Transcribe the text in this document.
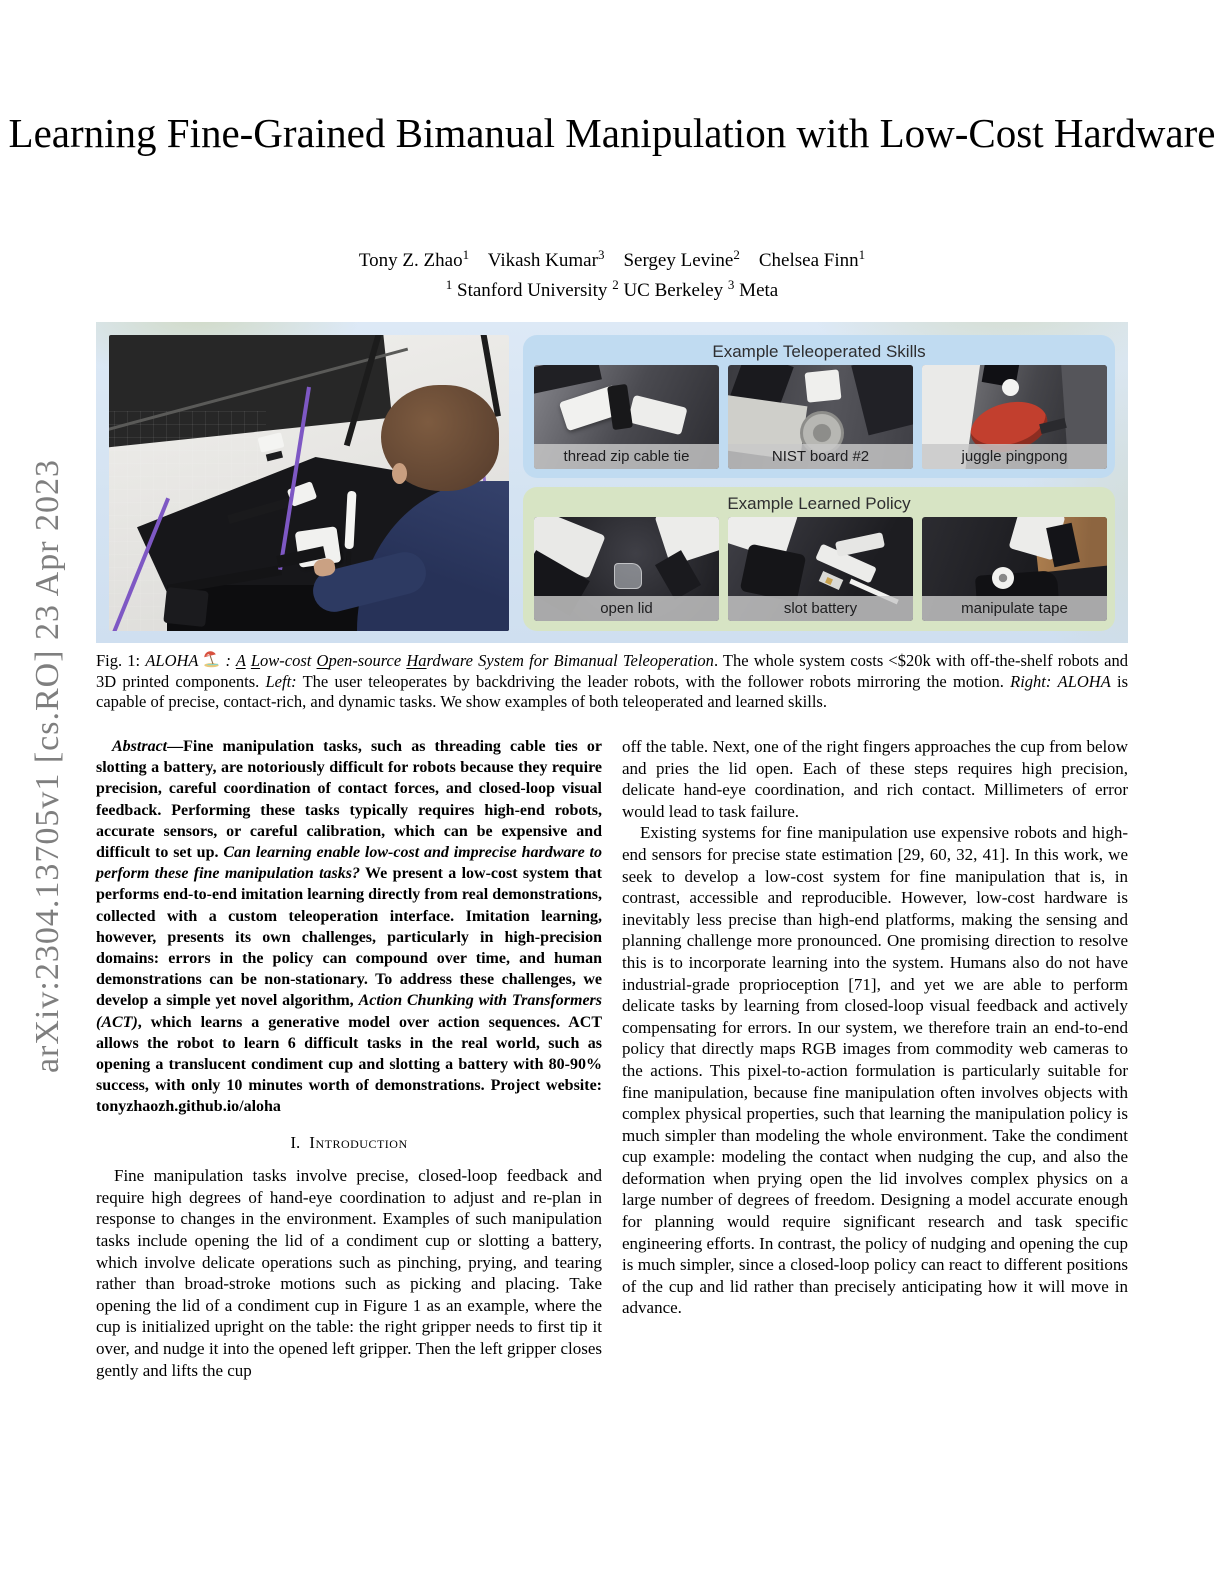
arXiv:2304.13705v1 [cs.RO] 23 Apr 2023
Learning Fine-Grained Bimanual Manipulation with Low-Cost Hardware
Tony Z. Zhao$^1$    Vikash Kumar$^3$    Sergey Levine$^2$    Chelsea Finn$^1$
$^1$ Stanford University $^2$ UC Berkeley $^3$ Meta
Example Teleoperated Skills
thread zip cable tie	NIST board #2	juggle pingpong
Example Learned Policy
open lid	slot battery	manipulate tape
Fig. 1: ALOHA  : A Low-cost Open-source Hardware System for Bimanual Teleoperation. The whole system costs <$20k with off-the-shelf robots and 3D printed components. Left: The user teleoperates by backdriving the leader robots, with the follower robots mirroring the motion. Right: ALOHA is capable of precise, contact-rich, and dynamic tasks. We show examples of both teleoperated and learned skills.

Abstract—Fine manipulation tasks, such as threading cable ties or slotting a battery, are notoriously difficult for robots because they require precision, careful coordination of contact forces, and closed-loop visual feedback. Performing these tasks typically requires high-end robots, accurate sensors, or careful calibration, which can be expensive and difficult to set up. Can learning enable low-cost and imprecise hardware to perform these fine manipulation tasks? We present a low-cost system that performs end-to-end imitation learning directly from real demonstrations, collected with a custom teleoperation interface. Imitation learning, however, presents its own challenges, particularly in high-precision domains: errors in the policy can compound over time, and human demonstrations can be non-stationary. To address these challenges, we develop a simple yet novel algorithm, Action Chunking with Transformers (ACT), which learns a generative model over action sequences. ACT allows the robot to learn 6 difficult tasks in the real world, such as opening a translucent condiment cup and slotting a battery with 80-90% success, with only 10 minutes worth of demonstrations. Project website: tonyzhaozh.github.io/aloha

I. Introduction

Fine manipulation tasks involve precise, closed-loop feedback and require high degrees of hand-eye coordination to adjust and re-plan in response to changes in the environment. Examples of such manipulation tasks include opening the lid of a condiment cup or slotting a battery, which involve delicate operations such as pinching, prying, and tearing rather than broad-stroke motions such as picking and placing. Take opening the lid of a condiment cup in Figure 1 as an example, where the cup is initialized upright on the table: the right gripper needs to first tip it over, and nudge it into the opened left gripper. Then the left gripper closes gently and lifts the cup

off the table. Next, one of the right fingers approaches the cup from below and pries the lid open. Each of these steps requires high precision, delicate hand-eye coordination, and rich contact. Millimeters of error would lead to task failure.

Existing systems for fine manipulation use expensive robots and high-end sensors for precise state estimation [29, 60, 32, 41]. In this work, we seek to develop a low-cost system for fine manipulation that is, in contrast, accessible and reproducible. However, low-cost hardware is inevitably less precise than high-end platforms, making the sensing and planning challenge more pronounced. One promising direction to resolve this is to incorporate learning into the system. Humans also do not have industrial-grade proprioception [71], and yet we are able to perform delicate tasks by learning from closed-loop visual feedback and actively compensating for errors. In our system, we therefore train an end-to-end policy that directly maps RGB images from commodity web cameras to the actions. This pixel-to-action formulation is particularly suitable for fine manipulation, because fine manipulation often involves objects with complex physical properties, such that learning the manipulation policy is much simpler than modeling the whole environment. Take the condiment cup example: modeling the contact when nudging the cup, and also the deformation when prying open the lid involves complex physics on a large number of degrees of freedom. Designing a model accurate enough for planning would require significant research and task specific engineering efforts. In contrast, the policy of nudging and opening the cup is much simpler, since a closed-loop policy can react to different positions of the cup and lid rather than precisely anticipating how it will move in advance.
